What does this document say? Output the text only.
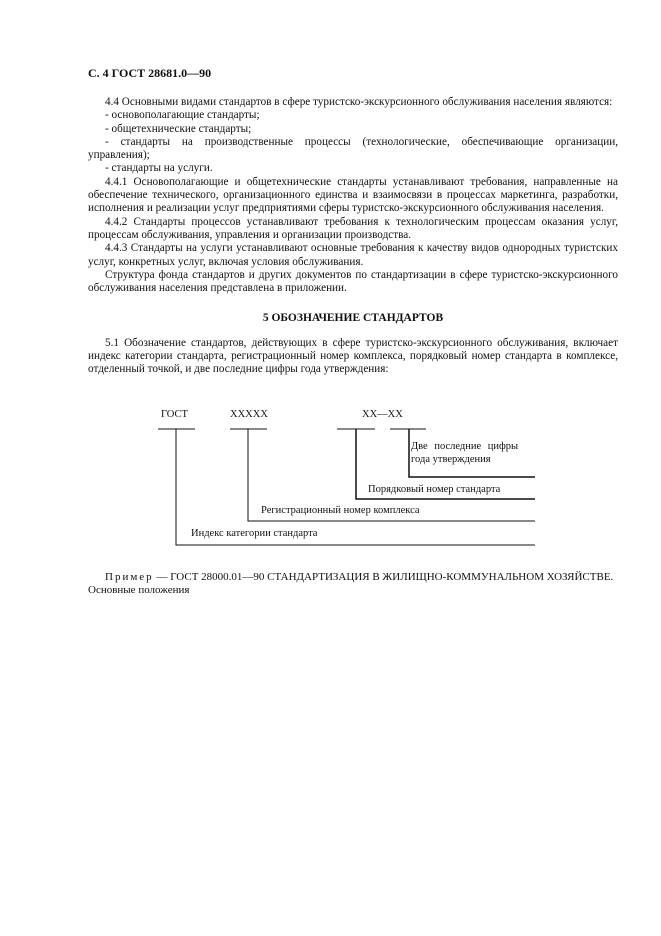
С. 4 ГОСТ 28681.0—90

4.4 Основными видами стандартов в сфере туристско-экскурсионного обслуживания населения являются:

- основополагающие стандарты;

- общетехнические стандарты;

- стандарты на производственные процессы (технологические, обеспечивающие организации, управления);

- стандарты на услуги.

4.4.1 Основополагающие и общетехнические стандарты устанавливают требования, направленные на обеспечение технического, организационного единства и взаимосвязи в процессах маркетинга, разработки, исполнения и реализации услуг предприятиями сферы туристско-экскурсионного обслуживания населения.

4.4.2 Стандарты процессов устанавливают требования к технологическим процессам оказания услуг, процессам обслуживания, управления и организации производства.

4.4.3 Стандарты на услуги устанавливают основные требования к качеству видов однородных туристских услуг, конкретных услуг, включая условия обслуживания.

Структура фонда стандартов и других документов по стандартизации в сфере туристско-экскурсионного обслуживания населения представлена в приложении.

5 ОБОЗНАЧЕНИЕ СТАНДАРТОВ

5.1 Обозначение стандартов, действующих в сфере туристско-экскурсионного обслуживания, включает индекс категории стандарта, регистрационный номер комплекса, порядковый номер стандарта в комплексе, отделенный точкой, и две последние цифры года утверждения:

ГОСТ	XXXXX	XX—XX
Две последние цифры
года утверждения
Порядковый номер стандарта
Регистрационный номер комплекса
Индекс категории стандарта
Пример — ГОСТ 28000.01—90 СТАНДАРТИЗАЦИЯ В ЖИЛИЩНО-КОММУНАЛЬНОМ ХОЗЯЙСТВЕ. Основные положения
